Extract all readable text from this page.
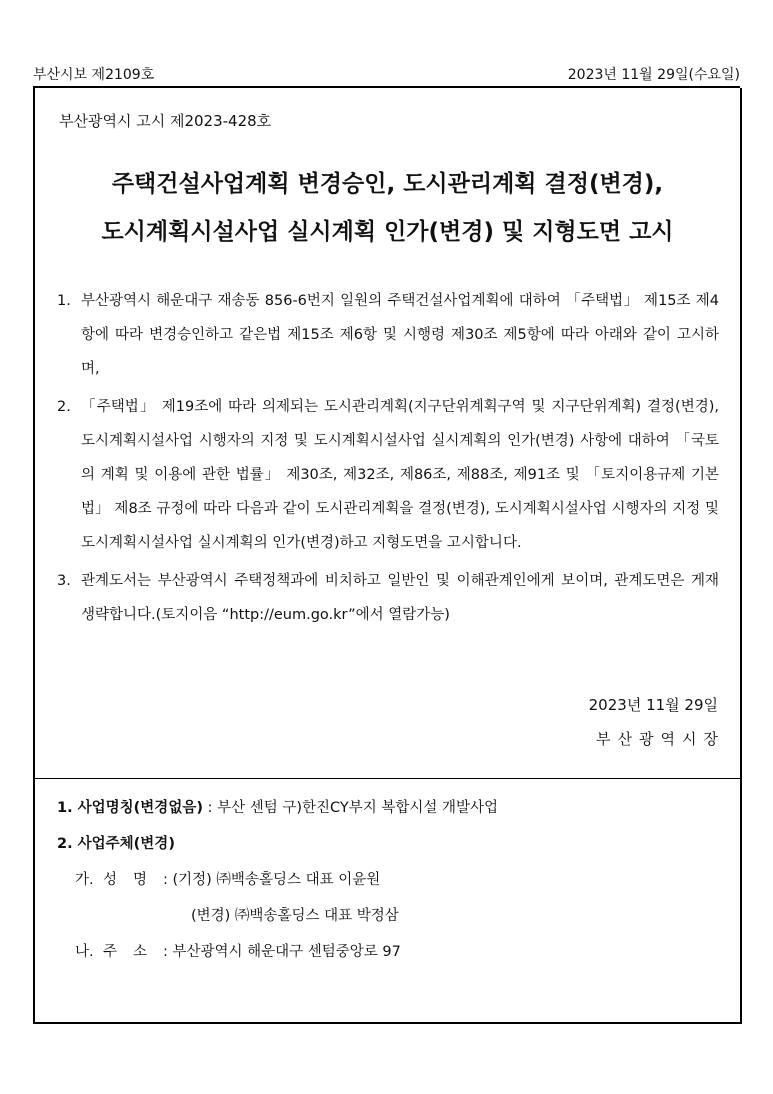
부산시보 제2109호	2023년 11월 29일(수요일)
부산광역시 고시 제2023-428호
주택건설사업계획 변경승인, 도시관리계획 결정(변경),
도시계획시설사업 실시계획 인가(변경) 및 지형도면 고시
1. 부산광역시 해운대구 재송동 856-6번지 일원의 주택건설사업계획에 대하여 「주택법」 제15조 제4항에 따라 변경승인하고 같은법 제15조 제6항 및 시행령 제30조 제5항에 따라 아래와 같이 고시하며,
2. 「주택법」 제19조에 따라 의제되는 도시관리계획(지구단위계획구역 및 지구단위계획) 결정(변경), 도시계획시설사업 시행자의 지정 및 도시계획시설사업 실시계획의 인가(변경) 사항에 대하여 「국토의 계획 및 이용에 관한 법률」 제30조, 제32조, 제86조, 제88조, 제91조 및 「토지이용규제 기본법」 제8조 규정에 따라 다음과 같이 도시관리계획을 결정(변경), 도시계획시설사업 시행자의 지정 및 도시계획시설사업 실시계획의 인가(변경)하고 지형도면을 고시합니다.
3. 관계도서는 부산광역시 주택정책과에 비치하고 일반인 및 이해관계인에게 보이며, 관계도면은 게재 생략합니다.(토지이음 “http://eum.go.kr”에서 열람가능)
2023년 11월 29일
부산광역시장
1. 사업명칭(변경없음) : 부산 센텀 구)한진CY부지 복합시설 개발사업
2. 사업주체(변경)
가. 성 명 : (기정) ㈜백송홀딩스 대표 이윤원
(변경) ㈜백송홀딩스 대표 박정삼
나. 주 소 : 부산광역시 해운대구 센텀중앙로 97
